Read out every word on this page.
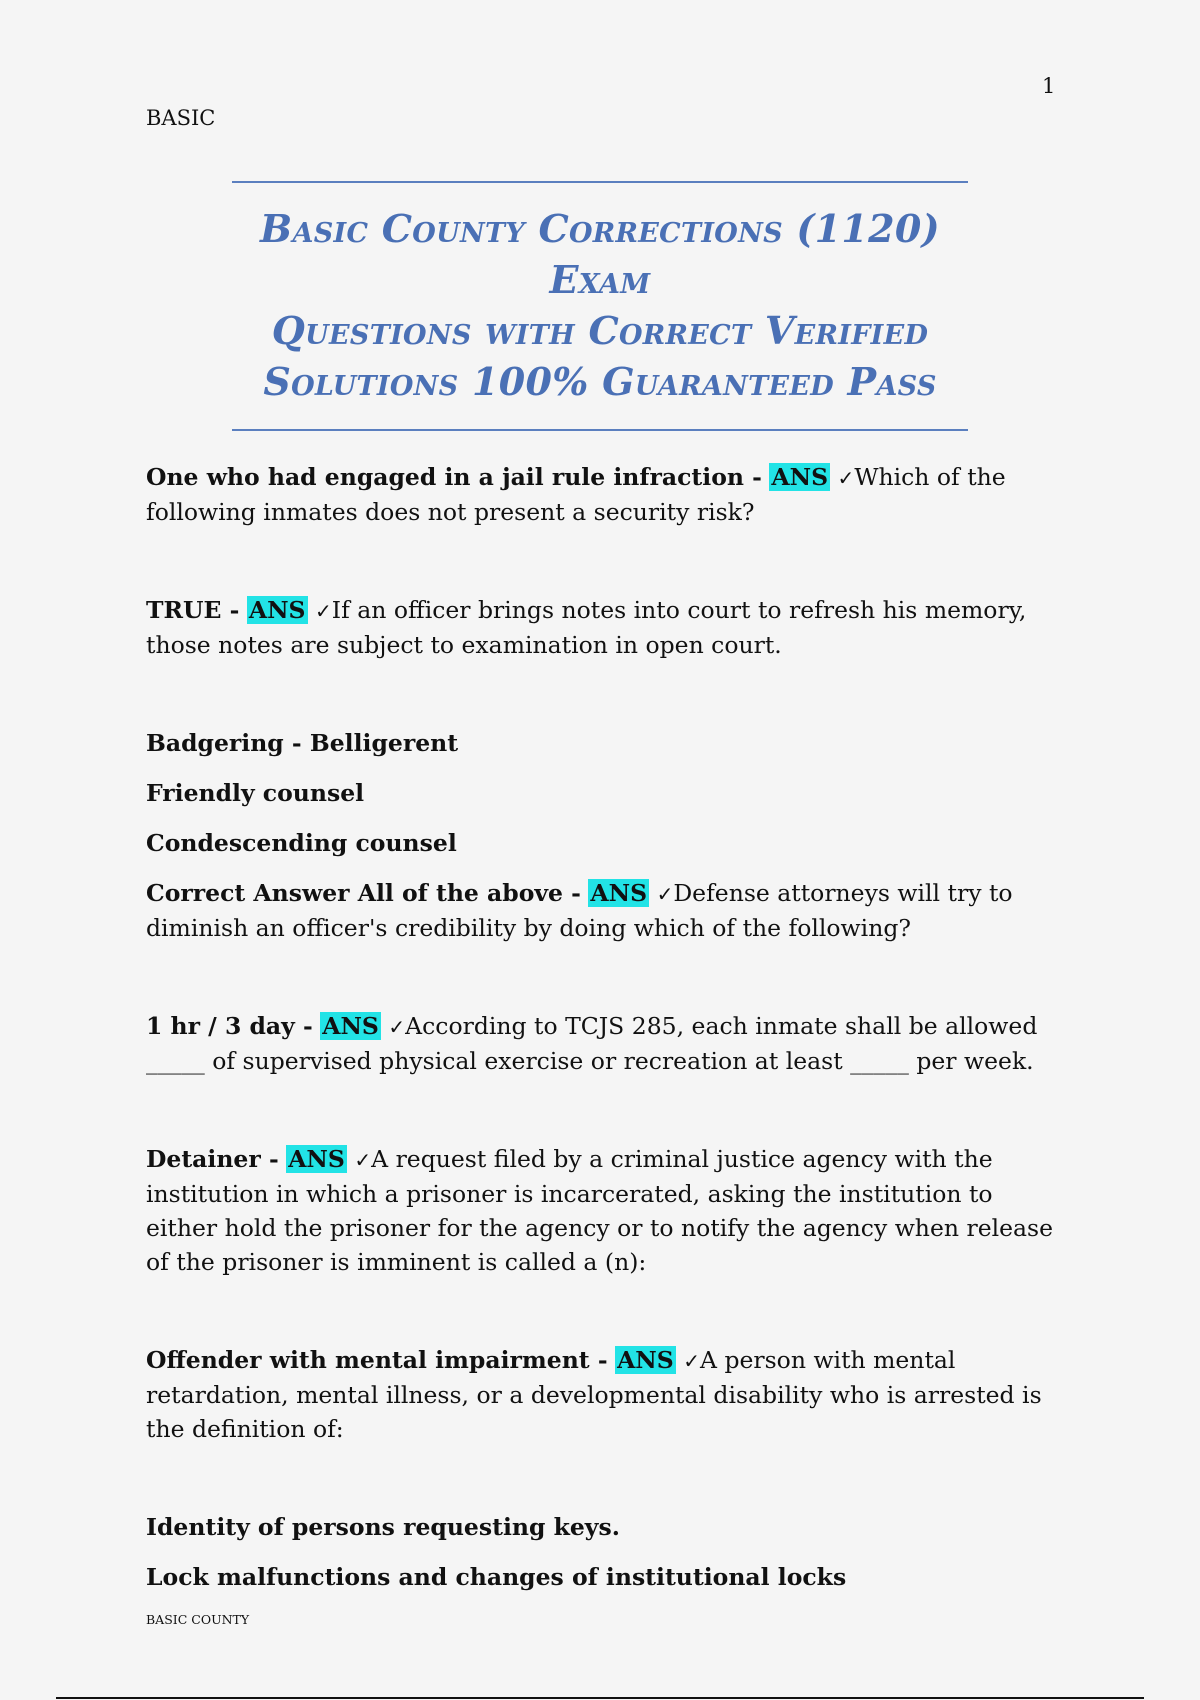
1
BASIC
Basic County Corrections (1120) Exam
Questions with Correct Verified
Solutions 100% Guaranteed Pass

One who had engaged in a jail rule infraction - ANS ✓Which of the following inmates does not present a security risk?

TRUE - ANS ✓If an officer brings notes into court to refresh his memory, those notes are subject to examination in open court.

Badgering - Belligerent

Friendly counsel

Condescending counsel

Correct Answer All of the above - ANS ✓Defense attorneys will try to diminish an officer's credibility by doing which of the following?

1 hr / 3 day - ANS ✓According to TCJS 285, each inmate shall be allowed _____ of supervised physical exercise or recreation at least _____ per week.

Detainer - ANS ✓A request filed by a criminal justice agency with the institution in which a prisoner is incarcerated, asking the institution to either hold the prisoner for the agency or to notify the agency when release of the prisoner is imminent is called a (n):

Offender with mental impairment - ANS ✓A person with mental retardation, mental illness, or a developmental disability who is arrested is the definition of:

Identity of persons requesting keys.

Lock malfunctions and changes of institutional locks

BASIC COUNTY
